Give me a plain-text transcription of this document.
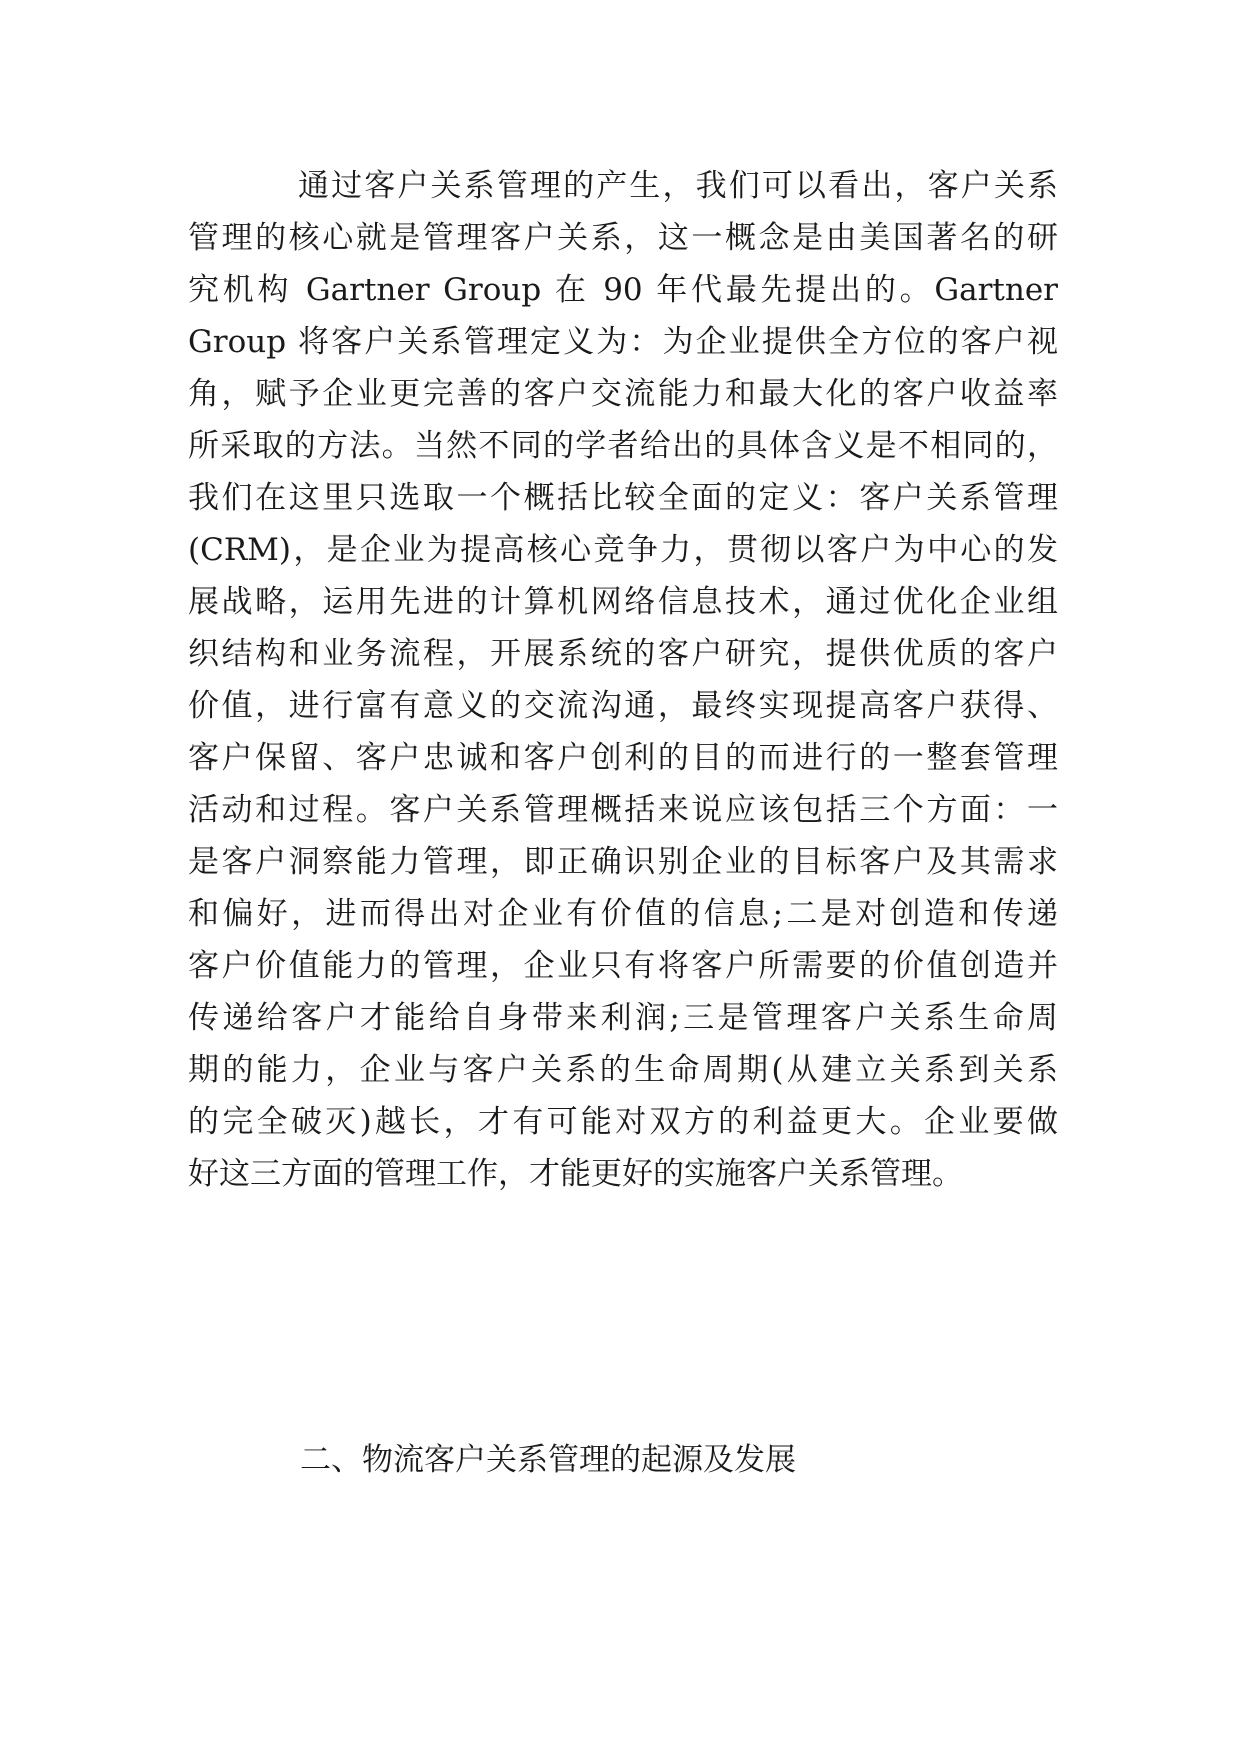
通过客户关系管理的产生，我们可以看出，客户关系
管理的核心就是管理客户关系，这一概念是由美国著名的研
究机构 Gartner Group 在 90 年代最先提出的。Gartner
Group 将客户关系管理定义为：为企业提供全方位的客户视
角，赋予企业更完善的客户交流能力和最大化的客户收益率
所采取的方法。当然不同的学者给出的具体含义是不相同的，
我们在这里只选取一个概括比较全面的定义：客户关系管理
(CRM)，是企业为提高核心竞争力，贯彻以客户为中心的发
展战略，运用先进的计算机网络信息技术，通过优化企业组
织结构和业务流程，开展系统的客户研究，提供优质的客户
价值，进行富有意义的交流沟通，最终实现提高客户获得、
客户保留、客户忠诚和客户创利的目的而进行的一整套管理
活动和过程。客户关系管理概括来说应该包括三个方面：一
是客户洞察能力管理，即正确识别企业的目标客户及其需求
和偏好，进而得出对企业有价值的信息;二是对创造和传递
客户价值能力的管理，企业只有将客户所需要的价值创造并
传递给客户才能给自身带来利润;三是管理客户关系生命周
期的能力，企业与客户关系的生命周期(从建立关系到关系
的完全破灭)越长，才有可能对双方的利益更大。企业要做
好这三方面的管理工作，才能更好的实施客户关系管理。
二、物流客户关系管理的起源及发展
